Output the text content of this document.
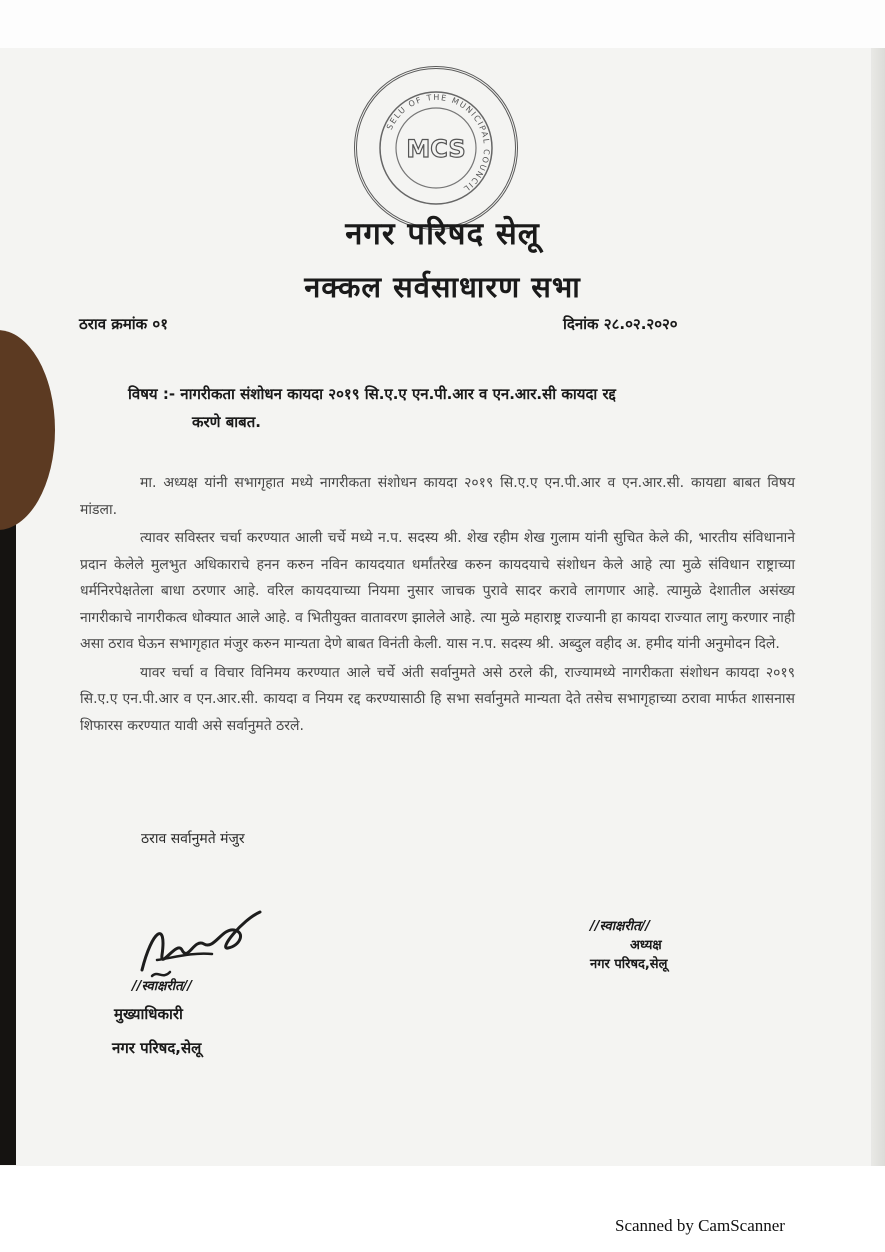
SELU OF THE MUNICIPAL COUNCIL
MCS
नगर परिषद सेलू
नक्कल सर्वसाधारण सभा
ठराव क्रमांक ०१	दिनांक २८.०२.२०२०
विषय :- नागरीकता संशोधन कायदा २०१९ सि.ए.ए एन.पी.आर व एन.आर.सी कायदा रद्द
करणे बाबत.

मा. अध्यक्ष यांनी सभागृहात मध्ये नागरीकता संशोधन कायदा २०१९ सि.ए.ए एन.पी.आर व एन.आर.सी. कायद्या बाबत विषय मांडला.

त्यावर सविस्तर चर्चा करण्यात आली चर्चे मध्ये न.प. सदस्य श्री. शेख रहीम शेख गुलाम यांनी सुचित केले की, भारतीय संविधानाने प्रदान केलेले मुलभुत अधिकाराचे हनन करुन नविन कायदयात धर्मांतरेख करुन कायदयाचे संशोधन केले आहे त्या मुळे संविधान राष्ट्राच्या धर्मनिरपेक्षतेला बाधा ठरणार आहे. वरिल कायदयाच्या नियमा नुसार जाचक पुरावे सादर करावे लागणार आहे. त्यामुळे देशातील असंख्य नागरीकाचे नागरीकत्व धोक्यात आले आहे. व भितीयुक्त वातावरण झालेले आहे. त्या मुळे महाराष्ट्र राज्यानी हा कायदा राज्यात लागु करणार नाही असा ठराव घेऊन सभागृहात मंजुर करुन मान्यता देणे बाबत विनंती केली. यास न.प. सदस्य श्री. अब्दुल वहीद अ. हमीद यांनी अनुमोदन दिले.

यावर चर्चा व विचार विनिमय करण्यात आले चर्चे अंती सर्वानुमते असे ठरले की, राज्यामध्ये नागरीकता संशोधन कायदा २०१९ सि.ए.ए एन.पी.आर व एन.आर.सी. कायदा व नियम रद्द करण्यासाठी हि सभा सर्वानुमते मान्यता देते तसेच सभागृहाच्या ठरावा मार्फत शासनास शिफारस करण्यात यावी असे सर्वानुमते ठरले.

ठराव सर्वानुमते मंजुर
//स्वाक्षरीत//
मुख्याधिकारी
नगर परिषद,सेलू
//स्वाक्षरीत//
अध्यक्ष
नगर परिषद,सेलू
Scanned by CamScanner
